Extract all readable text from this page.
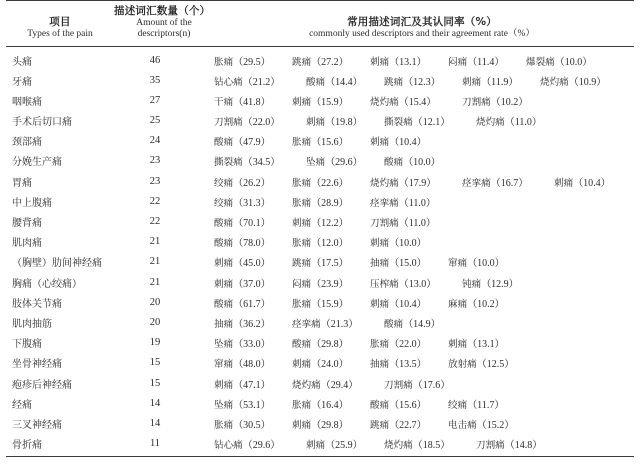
项目
Types of the pain	描述词汇数量（个）
Amount of the
descriptors(n)	常用描述词汇及其认同率（%）
commonly used descriptors and their agreement rate（%）

头痛	46	胀痛（29.5） 跳痛（27.2） 刺痛（13.1） 闷痛（11.4） 爆裂痛（10.0）

牙痛	35	钻心痛（21.2） 酸痛（14.4） 跳痛（12.3） 刺痛（11.9） 烧灼痛（10.9）

咽喉痛	27	干痛（41.8） 刺痛（15.9） 烧灼痛（15.4） 刀割痛（10.2）

手术后切口痛	25	刀割痛（22.0） 刺痛（19.8） 撕裂痛（12.1） 烧灼痛（11.0）

颈部痛	24	酸痛（47.9） 胀痛（15.6） 刺痛（10.4）

分娩生产痛	23	撕裂痛（34.5） 坠痛（29.6） 酸痛（10.0）

胃痛	23	绞痛（26.2） 胀痛（22.6） 烧灼痛（17.9） 痉挛痛（16.7） 刺痛（10.4）

中上腹痛	22	绞痛（31.3） 胀痛（28.9） 痉挛痛（11.0）

腰背痛	22	酸痛（70.1） 刺痛（12.2） 刀割痛（11.0）

肌肉痛	21	酸痛（78.0） 胀痛（12.0） 刺痛（10.0）

（胸壁）肋间神经痛	21	刺痛（45.0） 跳痛（17.5） 抽痛（15.0） 窜痛（10.0）

胸痛（心绞痛）	21	刺痛（37.0） 闷痛（23.9） 压榨痛（13.0） 钝痛（12.9）

肢体关节痛	20	酸痛（61.7） 胀痛（15.9） 刺痛（10.4） 麻痛（10.2）

肌肉抽筋	20	抽痛（36.2） 痉挛痛（21.3） 酸痛（14.9）

下腹痛	19	坠痛（33.0） 酸痛（29.8） 胀痛（22.0） 刺痛（13.1）

坐骨神经痛	15	窜痛（48.0） 刺痛（24.0） 抽痛（13.5） 放射痛（12.5）

疱疹后神经痛	15	刺痛（47.1） 烧灼痛（29.4） 刀割痛（17.6）

经痛	14	坠痛（53.1） 胀痛（16.4） 酸痛（15.6） 绞痛（11.7）

三叉神经痛	14	胀痛（30.5） 刺痛（29.8） 跳痛（22.7） 电击痛（15.2）

骨折痛	11	钻心痛（29.6） 刺痛（25.9） 烧灼痛（18.5） 刀割痛（14.8）
